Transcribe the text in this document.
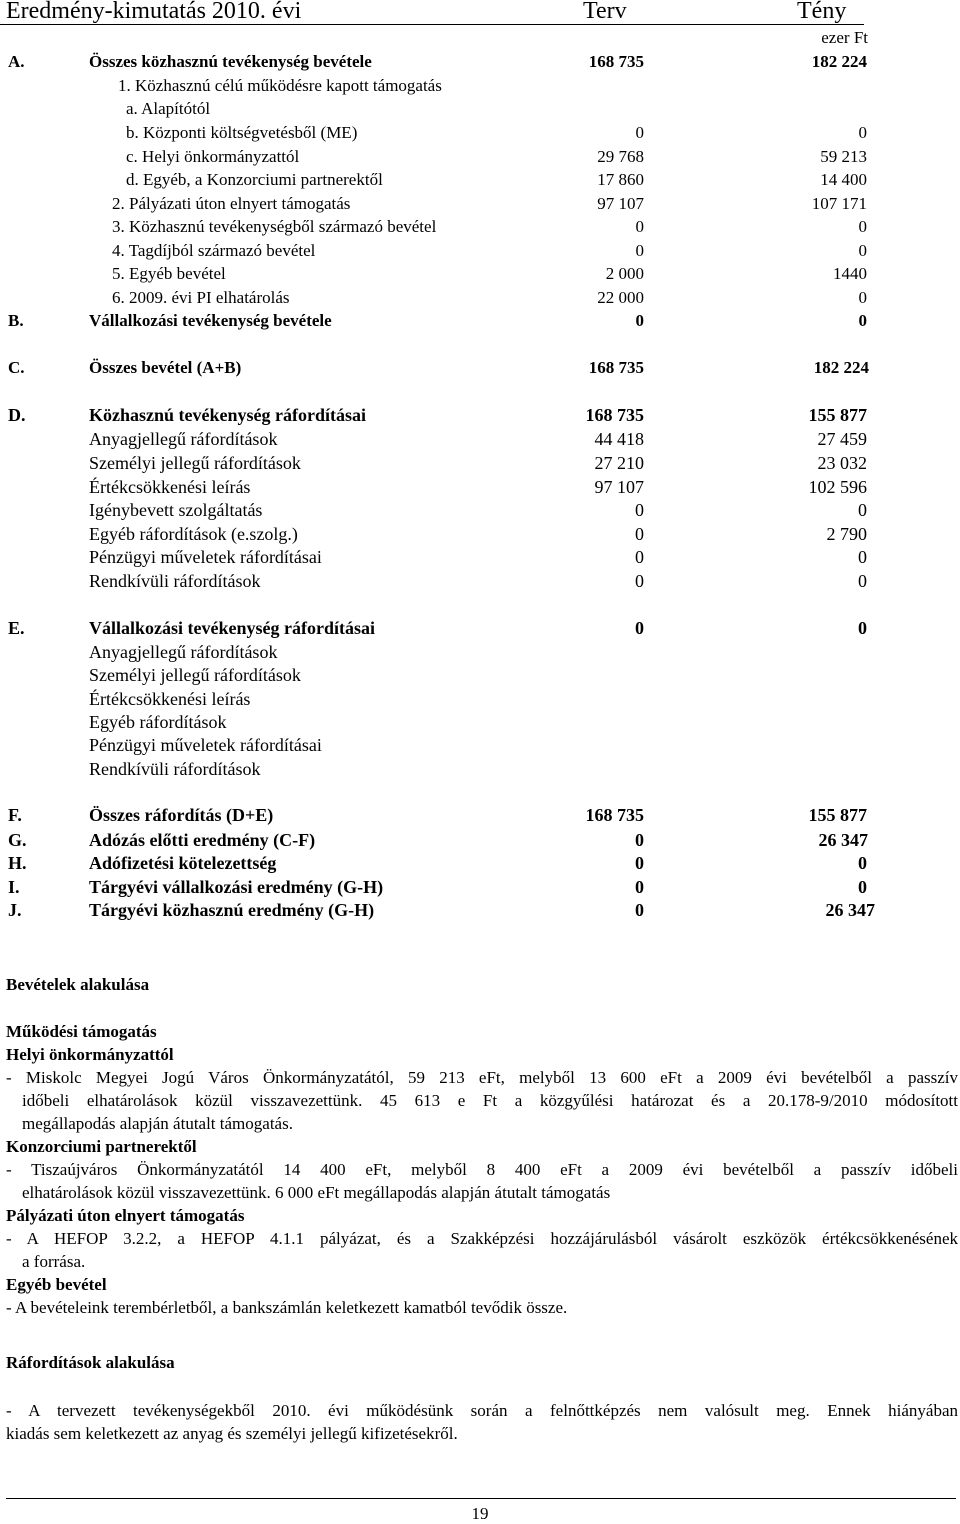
Eredmény-kimutatás 2010. évi	Terv	Tény
ezer Ft
A.	Összes közhasznú tevékenység bevétele	168 735	182 224
1. Közhasznú célú működésre kapott támogatás
a. Alapítótól
b. Központi költségvetésből (ME)	0	0
c. Helyi önkormányzattól	29 768	59 213
d. Egyéb, a Konzorciumi partnerektől	17 860	14 400
2. Pályázati úton elnyert támogatás	97 107	107 171
3. Közhasznú tevékenységből származó bevétel	0	0
4. Tagdíjból származó bevétel	0	0
5. Egyéb bevétel	2 000	1440
6. 2009. évi PI elhatárolás	22 000	0
B.	Vállalkozási tevékenység bevétele	0	0
C.	Összes bevétel (A+B)	168 735	182 224
D.	Közhasznú tevékenység ráfordításai	168 735	155 877
Anyagjellegű ráfordítások	44 418	27 459
Személyi jellegű ráfordítások	27 210	23 032
Értékcsökkenési leírás	97 107	102 596
Igénybevett szolgáltatás	0	0
Egyéb ráfordítások (e.szolg.)	0	2 790
Pénzügyi műveletek ráfordításai	0	0
Rendkívüli ráfordítások	0	0
E.	Vállalkozási tevékenység ráfordításai	0	0
Anyagjellegű ráfordítások
Személyi jellegű ráfordítások
Értékcsökkenési leírás
Egyéb ráfordítások
Pénzügyi műveletek ráfordításai
Rendkívüli ráfordítások
F.	Összes ráfordítás (D+E)	168 735	155 877
G.	Adózás előtti eredmény (C-F)	0	26 347
H.	Adófizetési kötelezettség	0	0
I.	Tárgyévi vállalkozási eredmény (G-H)	0	0
J.	Tárgyévi közhasznú eredmény (G-H)	0	26 347
Bevételek alakulása
Működési támogatás
Helyi önkormányzattól
- Miskolc Megyei Jogú Város Önkormányzatától, 59 213 eFt, melyből 13 600 eFt a 2009 évi bevételből a passzív
időbeli elhatárolások közül visszavezettünk. 45 613 e Ft a közgyűlési határozat és a 20.178-9/2010 módosított
megállapodás alapján átutalt támogatás.
Konzorciumi partnerektől
- Tiszaújváros Önkormányzatától 14 400 eFt, melyből 8 400 eFt a 2009 évi bevételből a passzív időbeli
elhatárolások közül visszavezettünk. 6 000 eFt megállapodás alapján átutalt támogatás
Pályázati úton elnyert támogatás
- A HEFOP 3.2.2, a HEFOP 4.1.1 pályázat, és a Szakképzési hozzájárulásból vásárolt eszközök értékcsökkenésének
a forrása.
Egyéb bevétel
- A bevételeink terembérletből, a bankszámlán keletkezett kamatból tevődik össze.
Ráfordítások alakulása
- A tervezett tevékenységekből 2010. évi működésünk során a felnőttképzés nem valósult meg. Ennek hiányában
kiadás sem keletkezett az anyag és személyi jellegű kifizetésekről.
19
